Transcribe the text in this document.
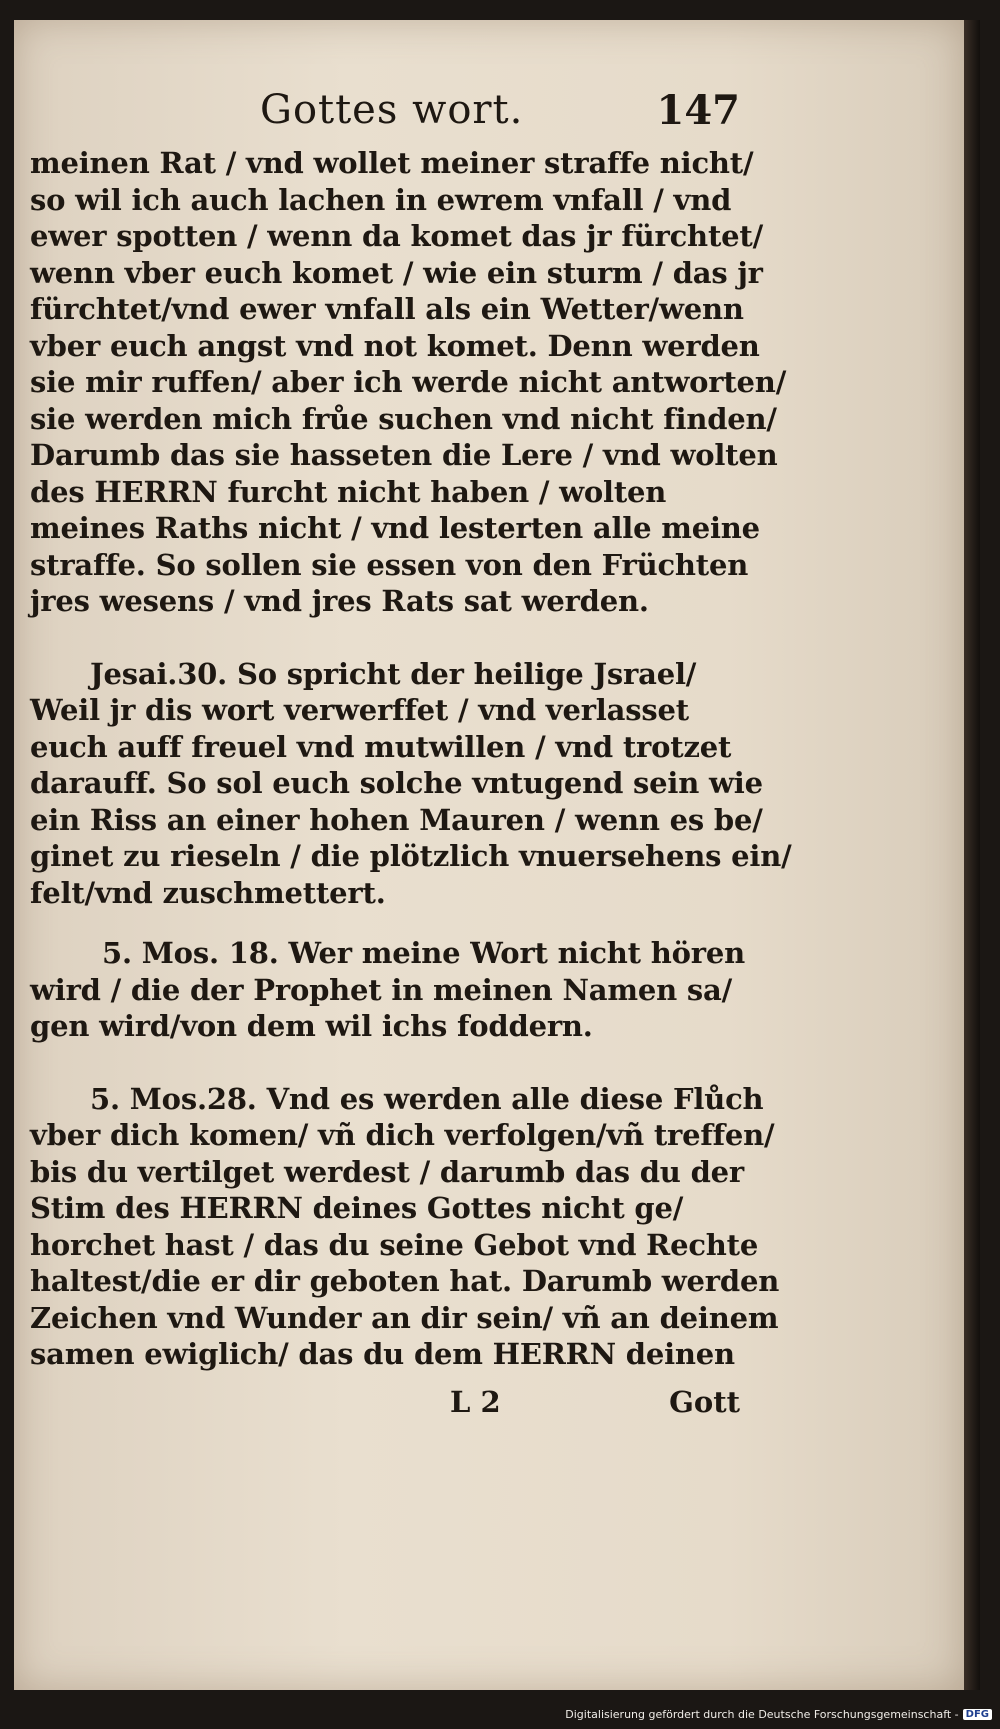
Gottes wort.	147
meinen Rat / vnd wollet meiner straffe nicht/
so wil ich auch lachen in ewrem vnfall / vnd
ewer spotten / wenn da komet das jr fürchtet/
wenn vber euch komet / wie ein sturm / das jr
fürchtet/vnd ewer vnfall als ein Wetter/wenn
vber euch angst vnd not komet. Denn werden
sie mir ruffen/ aber ich werde nicht antworten/
sie werden mich frůe suchen vnd nicht finden/
Darumb das sie hasseten die Lere / vnd wolten
des HERRN furcht nicht haben / wolten
meines Raths nicht / vnd lesterten alle meine
straffe. So sollen sie essen von den Früchten
jres wesens / vnd jres Rats sat werden.
Jesai.30. So spricht der heilige Jsrael/
Weil jr dis wort verwerffet / vnd verlasset
euch auff freuel vnd mutwillen / vnd trotzet
darauff. So sol euch solche vntugend sein wie
ein Riss an einer hohen Mauren / wenn es be/
ginet zu rieseln / die plötzlich vnuersehens ein/
felt/vnd zuschmettert.
5. Mos. 18. Wer meine Wort nicht hören
wird / die der Prophet in meinen Namen sa/
gen wird/von dem wil ichs foddern.
5. Mos.28. Vnd es werden alle diese Flůch
vber dich komen/ vñ dich verfolgen/vñ treffen/
bis du vertilget werdest / darumb das du der
Stim des HERRN deines Gottes nicht ge/
horchet hast / das du seine Gebot vnd Rechte
haltest/die er dir geboten hat. Darumb werden
Zeichen vnd Wunder an dir sein/ vñ an deinem
samen ewiglich/ das du dem HERRN deinen
L 2	Gott
Digitalisierung gefördert durch die Deutsche Forschungsgemeinschaft - DFG
